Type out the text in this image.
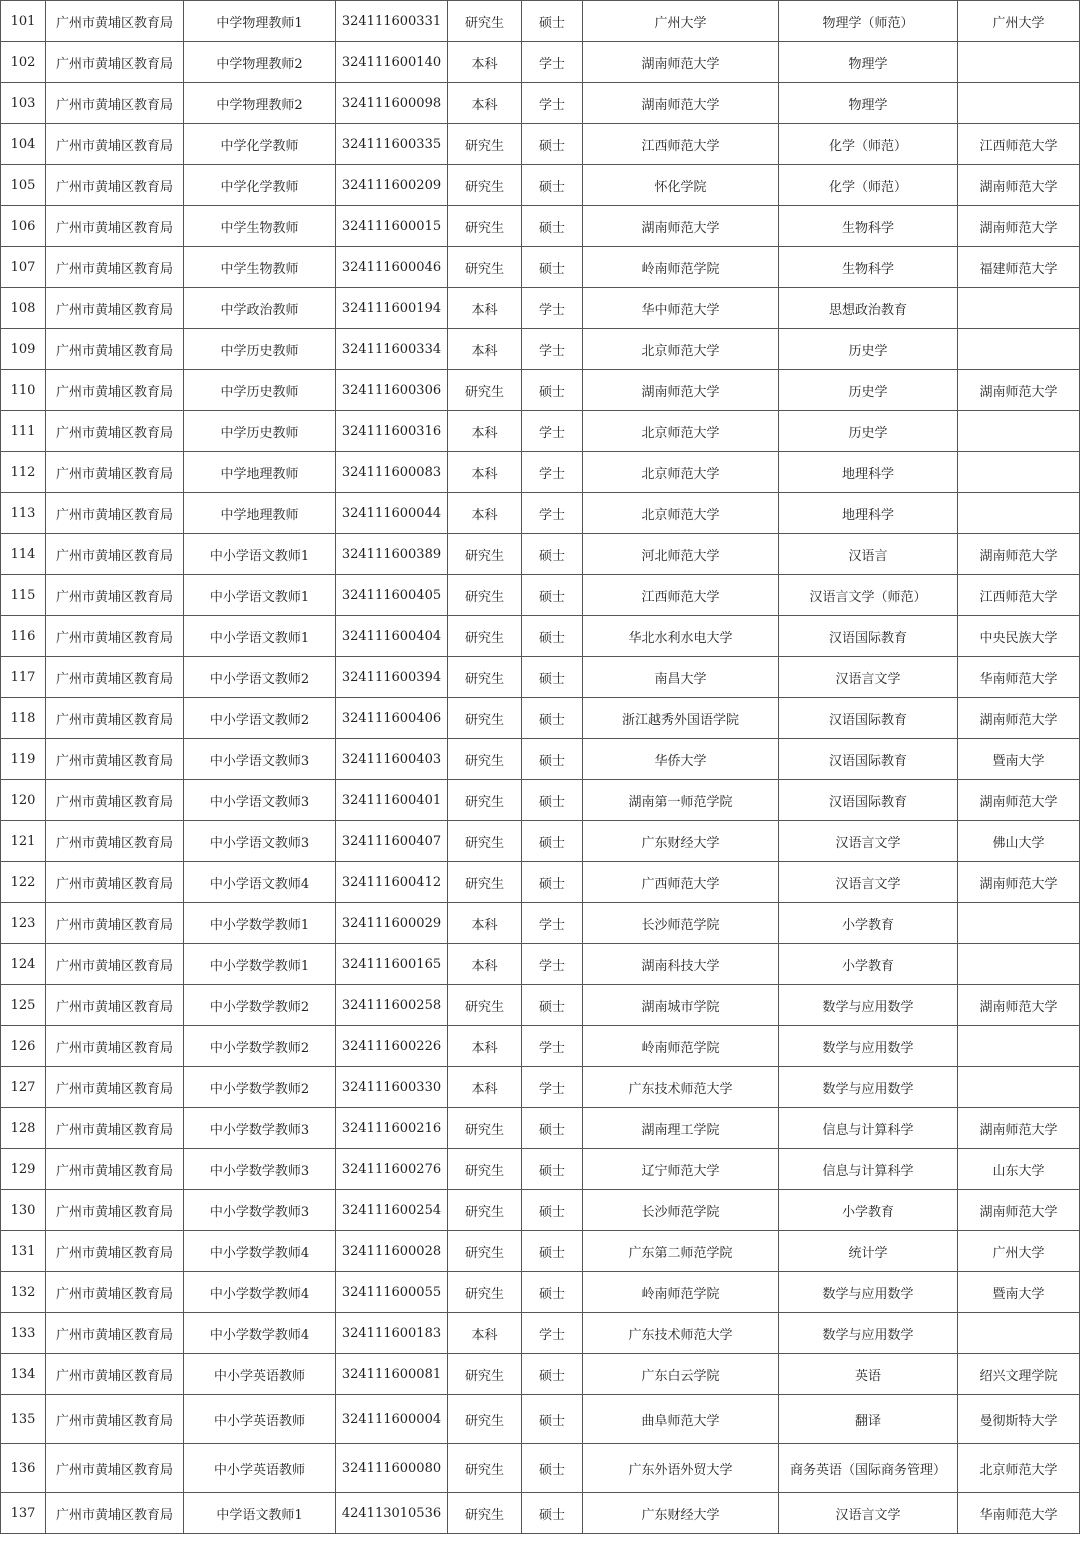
101	广州市黄埔区教育局	中学物理教师1	324111600331	研究生	硕士	广州大学	物理学（师范）	广州大学
102	广州市黄埔区教育局	中学物理教师2	324111600140	本科	学士	湖南师范大学	物理学	
103	广州市黄埔区教育局	中学物理教师2	324111600098	本科	学士	湖南师范大学	物理学	
104	广州市黄埔区教育局	中学化学教师	324111600335	研究生	硕士	江西师范大学	化学（师范）	江西师范大学
105	广州市黄埔区教育局	中学化学教师	324111600209	研究生	硕士	怀化学院	化学（师范）	湖南师范大学
106	广州市黄埔区教育局	中学生物教师	324111600015	研究生	硕士	湖南师范大学	生物科学	湖南师范大学
107	广州市黄埔区教育局	中学生物教师	324111600046	研究生	硕士	岭南师范学院	生物科学	福建师范大学
108	广州市黄埔区教育局	中学政治教师	324111600194	本科	学士	华中师范大学	思想政治教育	
109	广州市黄埔区教育局	中学历史教师	324111600334	本科	学士	北京师范大学	历史学	
110	广州市黄埔区教育局	中学历史教师	324111600306	研究生	硕士	湖南师范大学	历史学	湖南师范大学
111	广州市黄埔区教育局	中学历史教师	324111600316	本科	学士	北京师范大学	历史学	
112	广州市黄埔区教育局	中学地理教师	324111600083	本科	学士	北京师范大学	地理科学	
113	广州市黄埔区教育局	中学地理教师	324111600044	本科	学士	北京师范大学	地理科学	
114	广州市黄埔区教育局	中小学语文教师1	324111600389	研究生	硕士	河北师范大学	汉语言	湖南师范大学
115	广州市黄埔区教育局	中小学语文教师1	324111600405	研究生	硕士	江西师范大学	汉语言文学（师范）	江西师范大学
116	广州市黄埔区教育局	中小学语文教师1	324111600404	研究生	硕士	华北水利水电大学	汉语国际教育	中央民族大学
117	广州市黄埔区教育局	中小学语文教师2	324111600394	研究生	硕士	南昌大学	汉语言文学	华南师范大学
118	广州市黄埔区教育局	中小学语文教师2	324111600406	研究生	硕士	浙江越秀外国语学院	汉语国际教育	湖南师范大学
119	广州市黄埔区教育局	中小学语文教师3	324111600403	研究生	硕士	华侨大学	汉语国际教育	暨南大学
120	广州市黄埔区教育局	中小学语文教师3	324111600401	研究生	硕士	湖南第一师范学院	汉语国际教育	湖南师范大学
121	广州市黄埔区教育局	中小学语文教师3	324111600407	研究生	硕士	广东财经大学	汉语言文学	佛山大学
122	广州市黄埔区教育局	中小学语文教师4	324111600412	研究生	硕士	广西师范大学	汉语言文学	湖南师范大学
123	广州市黄埔区教育局	中小学数学教师1	324111600029	本科	学士	长沙师范学院	小学教育	
124	广州市黄埔区教育局	中小学数学教师1	324111600165	本科	学士	湖南科技大学	小学教育	
125	广州市黄埔区教育局	中小学数学教师2	324111600258	研究生	硕士	湖南城市学院	数学与应用数学	湖南师范大学
126	广州市黄埔区教育局	中小学数学教师2	324111600226	本科	学士	岭南师范学院	数学与应用数学	
127	广州市黄埔区教育局	中小学数学教师2	324111600330	本科	学士	广东技术师范大学	数学与应用数学	
128	广州市黄埔区教育局	中小学数学教师3	324111600216	研究生	硕士	湖南理工学院	信息与计算科学	湖南师范大学
129	广州市黄埔区教育局	中小学数学教师3	324111600276	研究生	硕士	辽宁师范大学	信息与计算科学	山东大学
130	广州市黄埔区教育局	中小学数学教师3	324111600254	研究生	硕士	长沙师范学院	小学教育	湖南师范大学
131	广州市黄埔区教育局	中小学数学教师4	324111600028	研究生	硕士	广东第二师范学院	统计学	广州大学
132	广州市黄埔区教育局	中小学数学教师4	324111600055	研究生	硕士	岭南师范学院	数学与应用数学	暨南大学
133	广州市黄埔区教育局	中小学数学教师4	324111600183	本科	学士	广东技术师范大学	数学与应用数学	
134	广州市黄埔区教育局	中小学英语教师	324111600081	研究生	硕士	广东白云学院	英语	绍兴文理学院
135	广州市黄埔区教育局	中小学英语教师	324111600004	研究生	硕士	曲阜师范大学	翻译	曼彻斯特大学
136	广州市黄埔区教育局	中小学英语教师	324111600080	研究生	硕士	广东外语外贸大学	商务英语（国际商务管理）	北京师范大学
137	广州市黄埔区教育局	中学语文教师1	424113010536	研究生	硕士	广东财经大学	汉语言文学	华南师范大学
